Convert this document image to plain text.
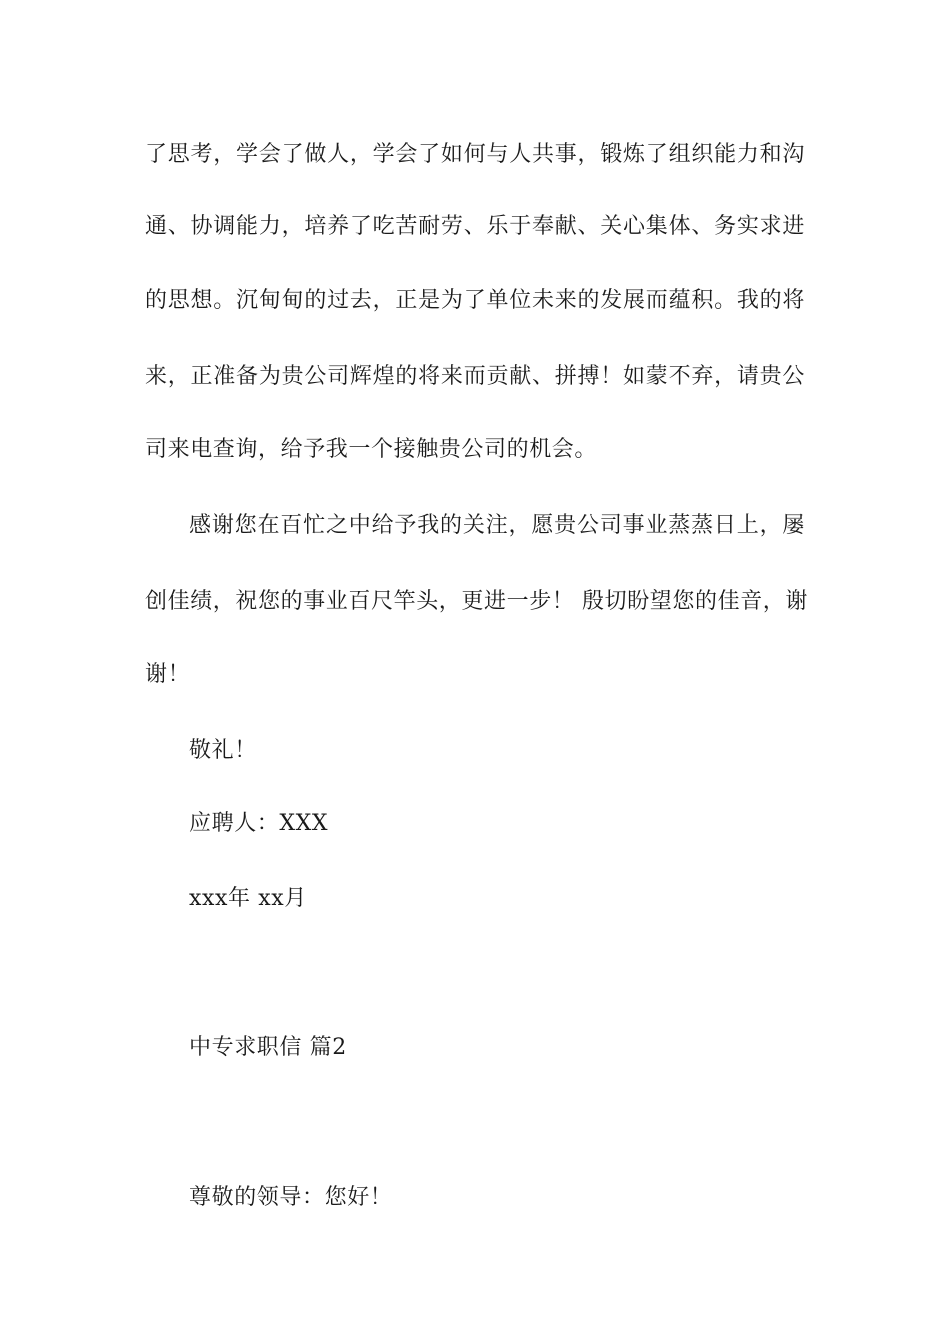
了思考，学会了做人，学会了如何与人共事，锻炼了组织能力和沟
通、协调能力，培养了吃苦耐劳、乐于奉献、关心集体、务实求进
的思想。沉甸甸的过去，正是为了单位未来的发展而蕴积。我的将
来，正准备为贵公司辉煌的将来而贡献、拼搏！如蒙不弃，请贵公
司来电查询，给予我一个接触贵公司的机会。
感谢您在百忙之中给予我的关注，愿贵公司事业蒸蒸日上，屡
创佳绩，祝您的事业百尺竿头，更进一步！ 殷切盼望您的佳音，谢
谢！
敬礼！
应聘人：XXX
xxx年 xx月
中专求职信 篇2
尊敬的领导：您好！
